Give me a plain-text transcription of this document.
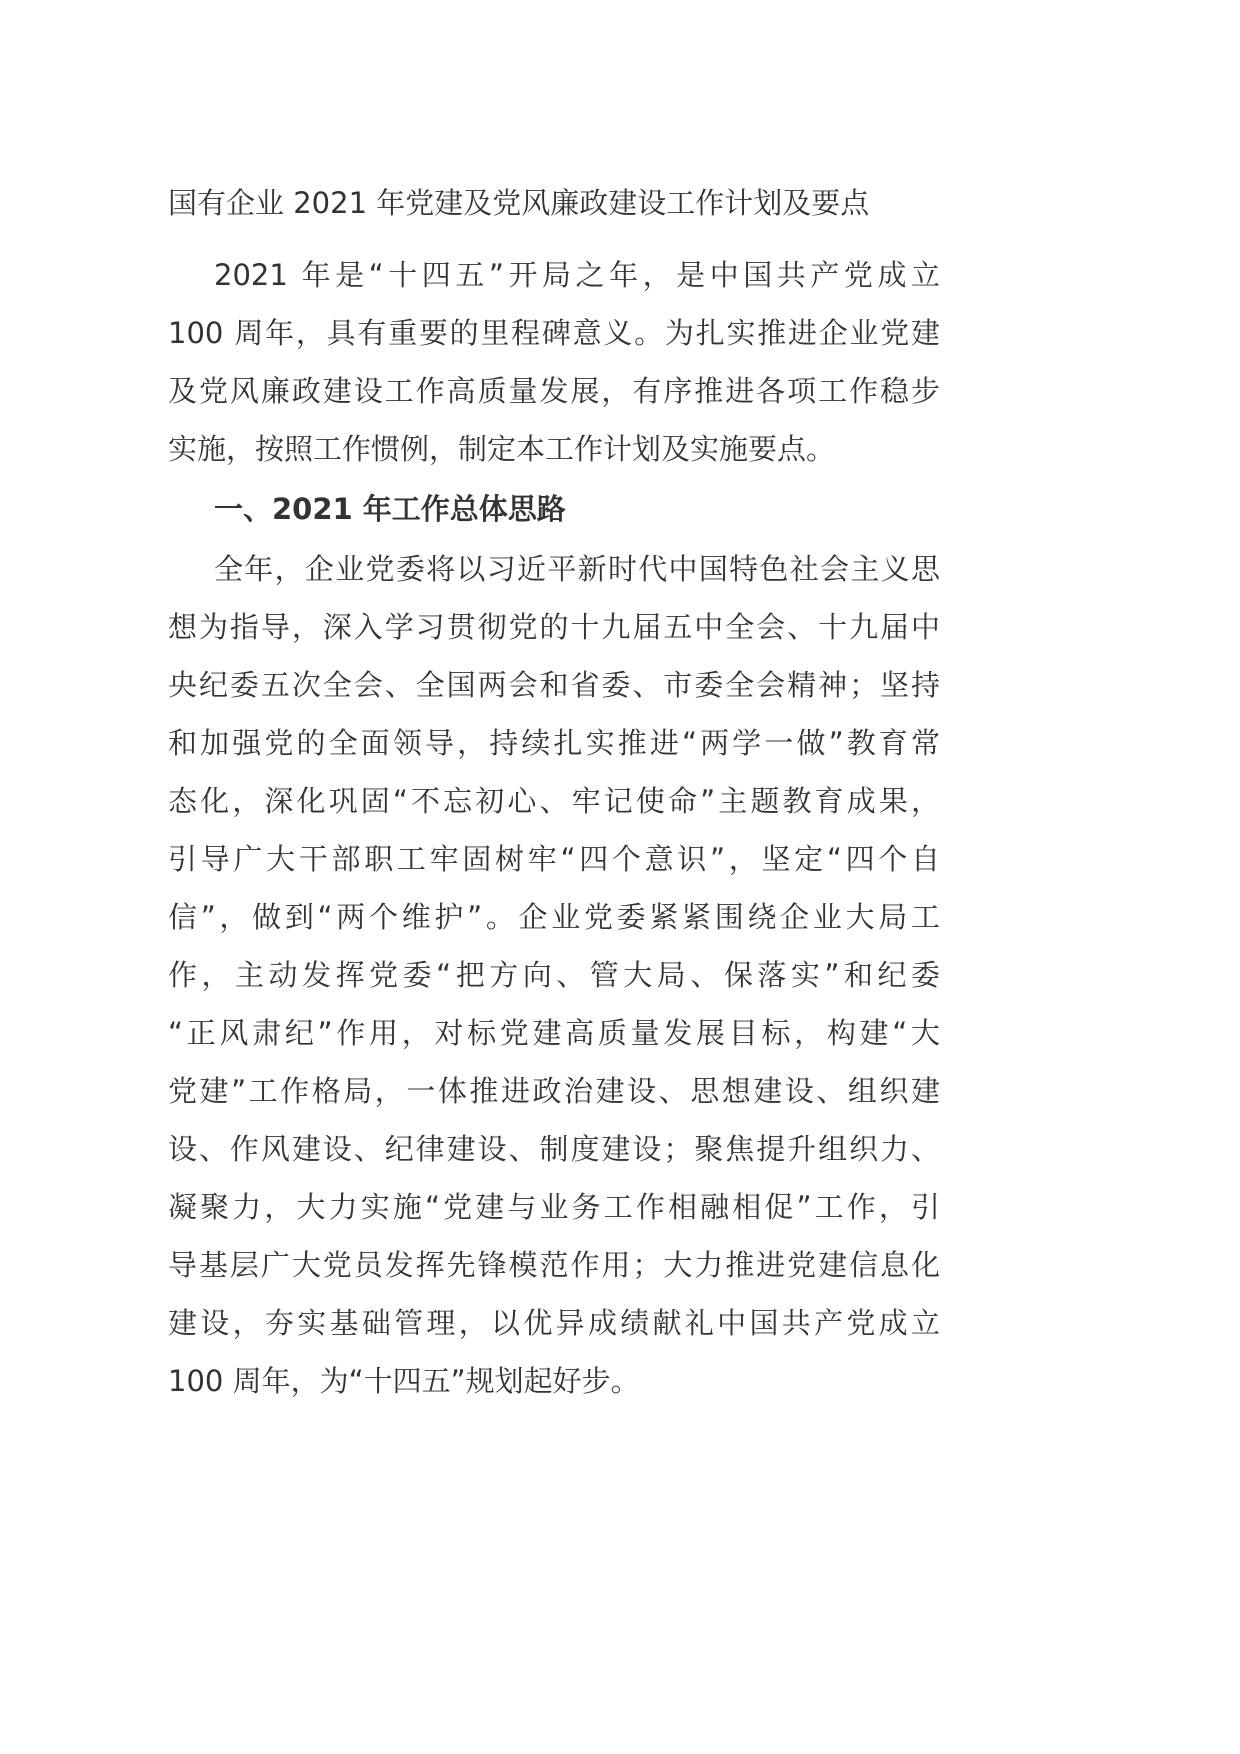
国有企业 2021 年党建及党风廉政建设工作计划及要点
2021 年是“十四五”开局之年，是中国共产党成立
100 周年，具有重要的里程碑意义。为扎实推进企业党建
及党风廉政建设工作高质量发展，有序推进各项工作稳步
实施，按照工作惯例，制定本工作计划及实施要点。
一、2021 年工作总体思路
全年，企业党委将以习近平新时代中国特色社会主义思
想为指导，深入学习贯彻党的十九届五中全会、十九届中
央纪委五次全会、全国两会和省委、市委全会精神；坚持
和加强党的全面领导，持续扎实推进“两学一做”教育常
态化，深化巩固“不忘初心、牢记使命”主题教育成果，
引导广大干部职工牢固树牢“四个意识”，坚定“四个自
信”，做到“两个维护”。企业党委紧紧围绕企业大局工
作，主动发挥党委“把方向、管大局、保落实”和纪委
“正风肃纪”作用，对标党建高质量发展目标，构建“大
党建”工作格局，一体推进政治建设、思想建设、组织建
设、作风建设、纪律建设、制度建设；聚焦提升组织力、
凝聚力，大力实施“党建与业务工作相融相促”工作，引
导基层广大党员发挥先锋模范作用；大力推进党建信息化
建设，夯实基础管理，以优异成绩献礼中国共产党成立
100 周年，为“十四五”规划起好步。
